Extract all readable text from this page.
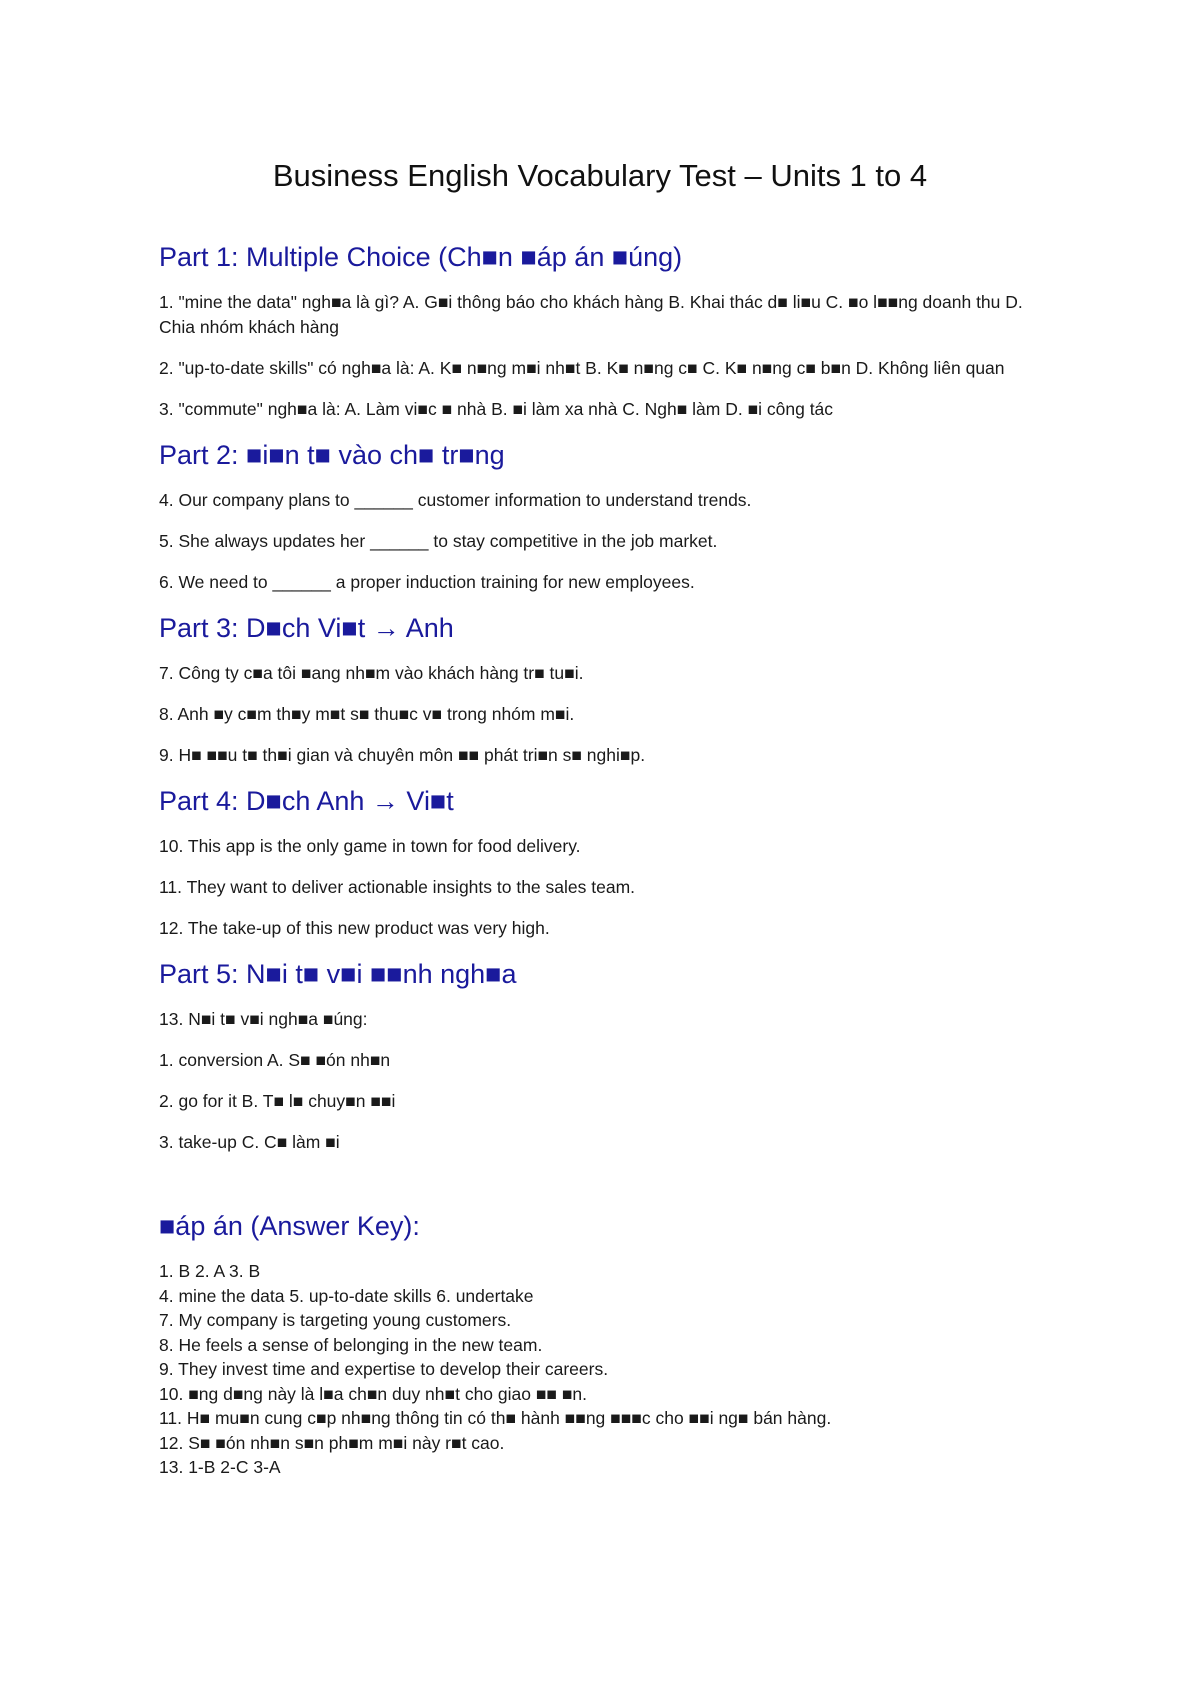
Business English Vocabulary Test – Units 1 to 4
Part 1: Multiple Choice (Ch■n ■áp án ■úng)

1. "mine the data" ngh■a là gì? A. G■i thông báo cho khách hàng B. Khai thác d■ li■u C. ■o l■■ng doanh thu D. Chia nhóm khách hàng

2. "up-to-date skills" có ngh■a là: A. K■ n■ng m■i nh■t B. K■ n■ng c■ C. K■ n■ng c■ b■n D. Không liên quan

3. "commute" ngh■a là: A. Làm vi■c ■ nhà B. ■i làm xa nhà C. Ngh■ làm D. ■i công tác

Part 2: ■i■n t■ vào ch■ tr■ng

4. Our company plans to ______ customer information to understand trends.

5. She always updates her ______ to stay competitive in the job market.

6. We need to ______ a proper induction training for new employees.

Part 3: D■ch Vi■t → Anh

7. Công ty c■a tôi ■ang nh■m vào khách hàng tr■ tu■i.

8. Anh ■y c■m th■y m■t s■ thu■c v■ trong nhóm m■i.

9. H■ ■■u t■ th■i gian và chuyên môn ■■ phát tri■n s■ nghi■p.

Part 4: D■ch Anh → Vi■t

10. This app is the only game in town for food delivery.

11. They want to deliver actionable insights to the sales team.

12. The take-up of this new product was very high.

Part 5: N■i t■ v■i ■■nh ngh■a

13. N■i t■ v■i ngh■a ■úng:

1. conversion A. S■ ■ón nh■n

2. go for it B. T■ l■ chuy■n ■■i

3. take-up C. C■ làm ■i

■áp án (Answer Key):

1. B 2. A 3. B

4. mine the data 5. up-to-date skills 6. undertake

7. My company is targeting young customers.

8. He feels a sense of belonging in the new team.

9. They invest time and expertise to develop their careers.

10. ■ng d■ng này là l■a ch■n duy nh■t cho giao ■■ ■n.

11. H■ mu■n cung c■p nh■ng thông tin có th■ hành ■■ng ■■■c cho ■■i ng■ bán hàng.

12. S■ ■ón nh■n s■n ph■m m■i này r■t cao.

13. 1-B 2-C 3-A
